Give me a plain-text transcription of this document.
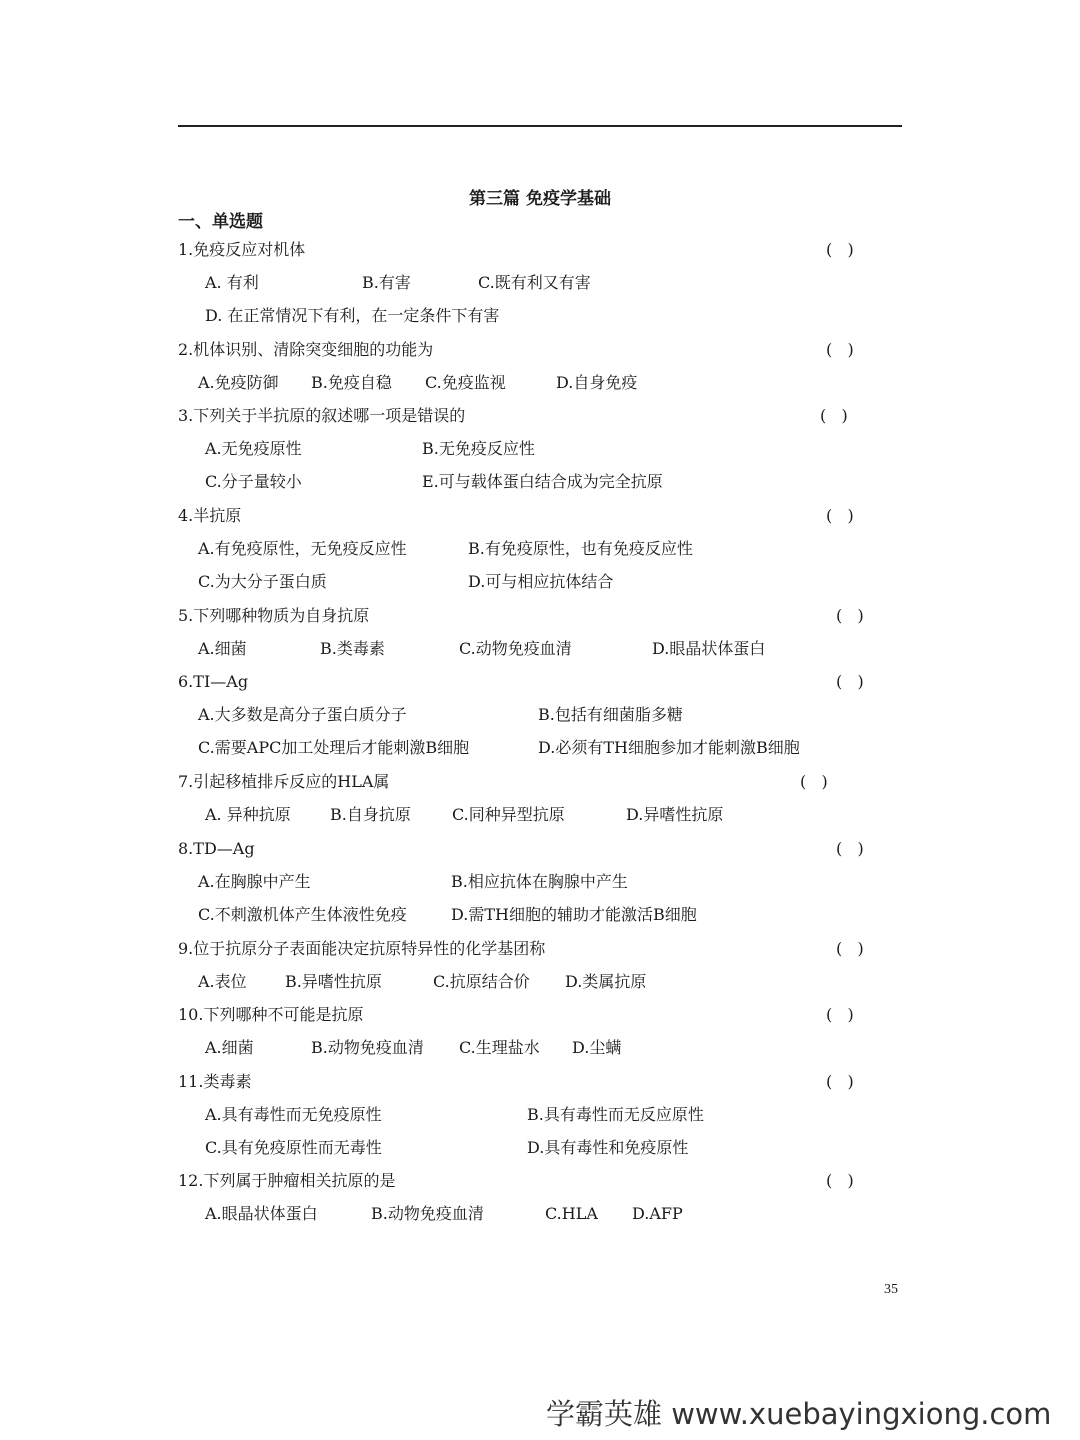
第三篇 免疫学基础
一、单选题
1.免疫反应对机体	(   )
A. 有利	B.有害	C.既有利又有害
D. 在正常情况下有利，在一定条件下有害
2.机体识别、清除突变细胞的功能为	(   )
A.免疫防御 B.免疫自稳 C.免疫监视	D.自身免疫
3.下列关于半抗原的叙述哪一项是错误的	(   )
A.无免疫原性	B.无免疫反应性
C.分子量较小	E.可与载体蛋白结合成为完全抗原
4.半抗原	(   )
A.有免疫原性，无免疫反应性	B.有免疫原性，也有免疫反应性
C.为大分子蛋白质	D.可与相应抗体结合
5.下列哪种物质为自身抗原	(   )
A.细菌	B.类毒素	C.动物免疫血清	D.眼晶状体蛋白
6.TI—Ag	(   )
A.大多数是高分子蛋白质分子	B.包括有细菌脂多糖
C.需要APC加工处理后才能刺激B细胞	D.必须有TH细胞参加才能刺激B细胞
7.引起移植排斥反应的HLA属	(   )
A. 异种抗原 B.自身抗原	C.同种异型抗原	D.异嗜性抗原
8.TD—Ag	(   )
A.在胸腺中产生	B.相应抗体在胸腺中产生
C.不刺激机体产生体液性免疫	D.需TH细胞的辅助才能激活B细胞
9.位于抗原分子表面能决定抗原特异性的化学基团称	(   )
A.表位 B.异嗜性抗原	C.抗原结合价 D.类属抗原
10.下列哪种不可能是抗原	(   )
A.细菌	B.动物免疫血清 C.生理盐水 D.尘螨
11.类毒素	(   )
A.具有毒性而无免疫原性	B.具有毒性而无反应原性
C.具有免疫原性而无毒性	D.具有毒性和免疫原性
12.下列属于肿瘤相关抗原的是	(   )
A.眼晶状体蛋白	B.动物免疫血清	C.HLA D.AFP
35
学霸英雄 www.xuebayingxiong.com
